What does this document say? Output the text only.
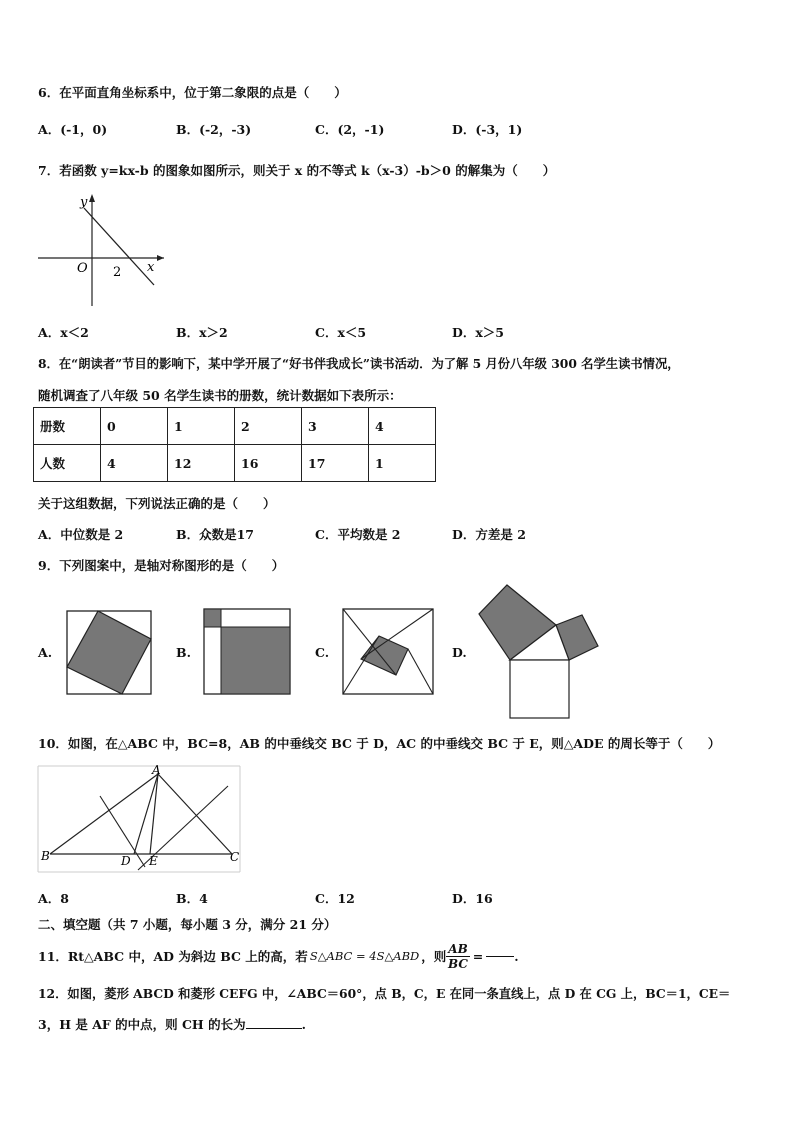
6．在平面直角坐标系中，位于第二象限的点是（　　）
A．(-1，0)	B．(-2，-3)	C．(2，-1)	D．(-3，1)
7．若函数 y=kx-b 的图象如图所示，则关于 x 的不等式 k（x-3）-b＞0 的解集为（　　）
y
x
O 2
A．x＜2	B．x＞2	C．x＜5	D．x＞5
8．在“朗读者”节目的影响下，某中学开展了“好书伴我成长”读书活动．为了解 5 月份八年级 300 名学生读书情况，
随机调查了八年级 50 名学生读书的册数，统计数据如下表所示：
册数	0	1	2	3	4
人数	4	12	16	17	1
关于这组数据，下列说法正确的是（　　）
A．中位数是 2	B．众数是17	C．平均数是 2	D．方差是 2
9．下列图案中，是轴对称图形的是（　　）
A.	B.	C.	D.
10．如图，在△ABC 中，BC=8，AB 的中垂线交 BC 于 D，AC 的中垂线交 BC 于 E，则△ADE 的周长等于（　　）
A
B	C
D E
A．8	B．4	C．12	D．16
二、填空题（共 7 小题，每小题 3 分，满分 21 分）
11．Rt△ABC 中，AD 为斜边 BC 上的高，若 S△ABC = 4S△ABD ，则 $\frac{AB}{BC}$ = .
12．如图，菱形 ABCD 和菱形 CEFG 中，∠ABC＝60°，点 B，C，E 在同一条直线上，点 D 在 CG 上，BC＝1，CE＝
3，H 是 AF 的中点，则 CH 的长为	.
